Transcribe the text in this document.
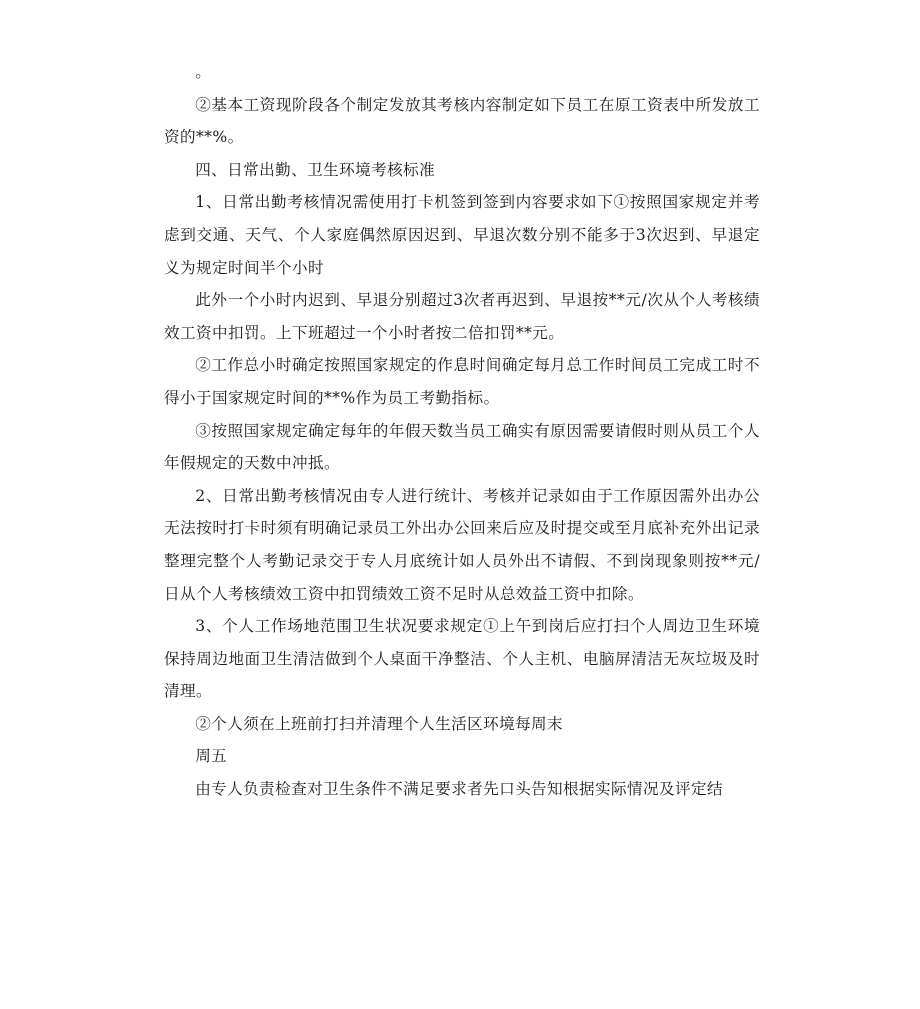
。

②基本工资现阶段各个制定发放其考核内容制定如下员工在原工资表中所发放工资的**%。

四、日常出勤、卫生环境考核标准

1、日常出勤考核情况需使用打卡机签到签到内容要求如下①按照国家规定并考虑到交通、天气、个人家庭偶然原因迟到、早退次数分别不能多于3次迟到、早退定义为规定时间半个小时

此外一个小时内迟到、早退分别超过3次者再迟到、早退按**元/次从个人考核绩效工资中扣罚。上下班超过一个小时者按二倍扣罚**元。

②工作总小时确定按照国家规定的作息时间确定每月总工作时间员工完成工时不得小于国家规定时间的**%作为员工考勤指标。

③按照国家规定确定每年的年假天数当员工确实有原因需要请假时则从员工个人年假规定的天数中冲抵。

2、日常出勤考核情况由专人进行统计、考核并记录如由于工作原因需外出办公无法按时打卡时须有明确记录员工外出办公回来后应及时提交或至月底补充外出记录整理完整个人考勤记录交于专人月底统计如人员外出不请假、不到岗现象则按**元/日从个人考核绩效工资中扣罚绩效工资不足时从总效益工资中扣除。

3、个人工作场地范围卫生状况要求规定①上午到岗后应打扫个人周边卫生环境保持周边地面卫生清洁做到个人桌面干净整洁、个人主机、电脑屏清洁无灰垃圾及时清理。

②个人须在上班前打扫并清理个人生活区环境每周末

周五

由专人负责检查对卫生条件不满足要求者先口头告知根据实际情况及评定结
